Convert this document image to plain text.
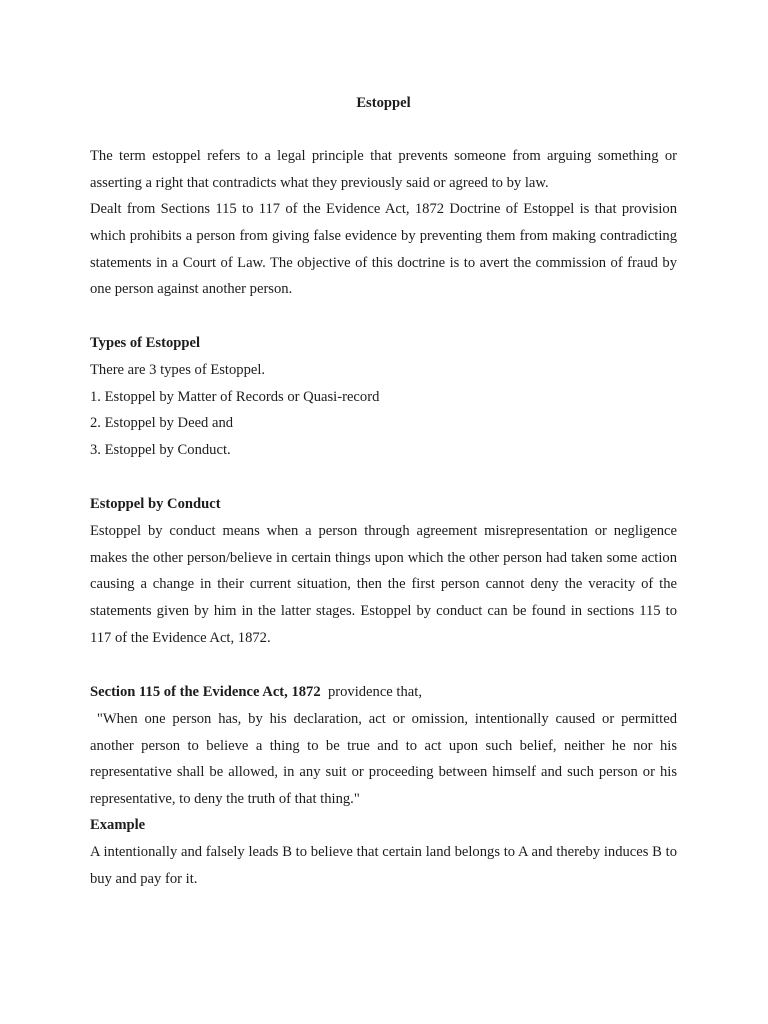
Estoppel

The term estoppel refers to a legal principle that prevents someone from arguing something or asserting a right that contradicts what they previously said or agreed to by law.

Dealt from Sections 115 to 117 of the Evidence Act, 1872 Doctrine of Estoppel is that provision which prohibits a person from giving false evidence by preventing them from making contradicting statements in a Court of Law. The objective of this doctrine is to avert the commission of fraud by one person against another person.

Types of Estoppel
There are 3 types of Estoppel.
1. Estoppel by Matter of Records or Quasi-record
2. Estoppel by Deed and
3. Estoppel by Conduct.
Estoppel by Conduct
Estoppel by conduct means when a person through agreement misrepresentation or negligence makes the other person/believe in certain things upon which the other person had taken some action causing a change in their current situation, then the first person cannot deny the veracity of the statements given by him in the latter stages. Estoppel by conduct can be found in sections 115 to 117 of the Evidence Act, 1872.
Section 115 of the Evidence Act, 1872  providence that,
"When one person has, by his declaration, act or omission, intentionally caused or permitted another person to believe a thing to be true and to act upon such belief, neither he nor his representative shall be allowed, in any suit or proceeding between himself and such person or his representative, to deny the truth of that thing."
Example
A intentionally and falsely leads B to believe that certain land belongs to A and thereby induces B to buy and pay for it.
